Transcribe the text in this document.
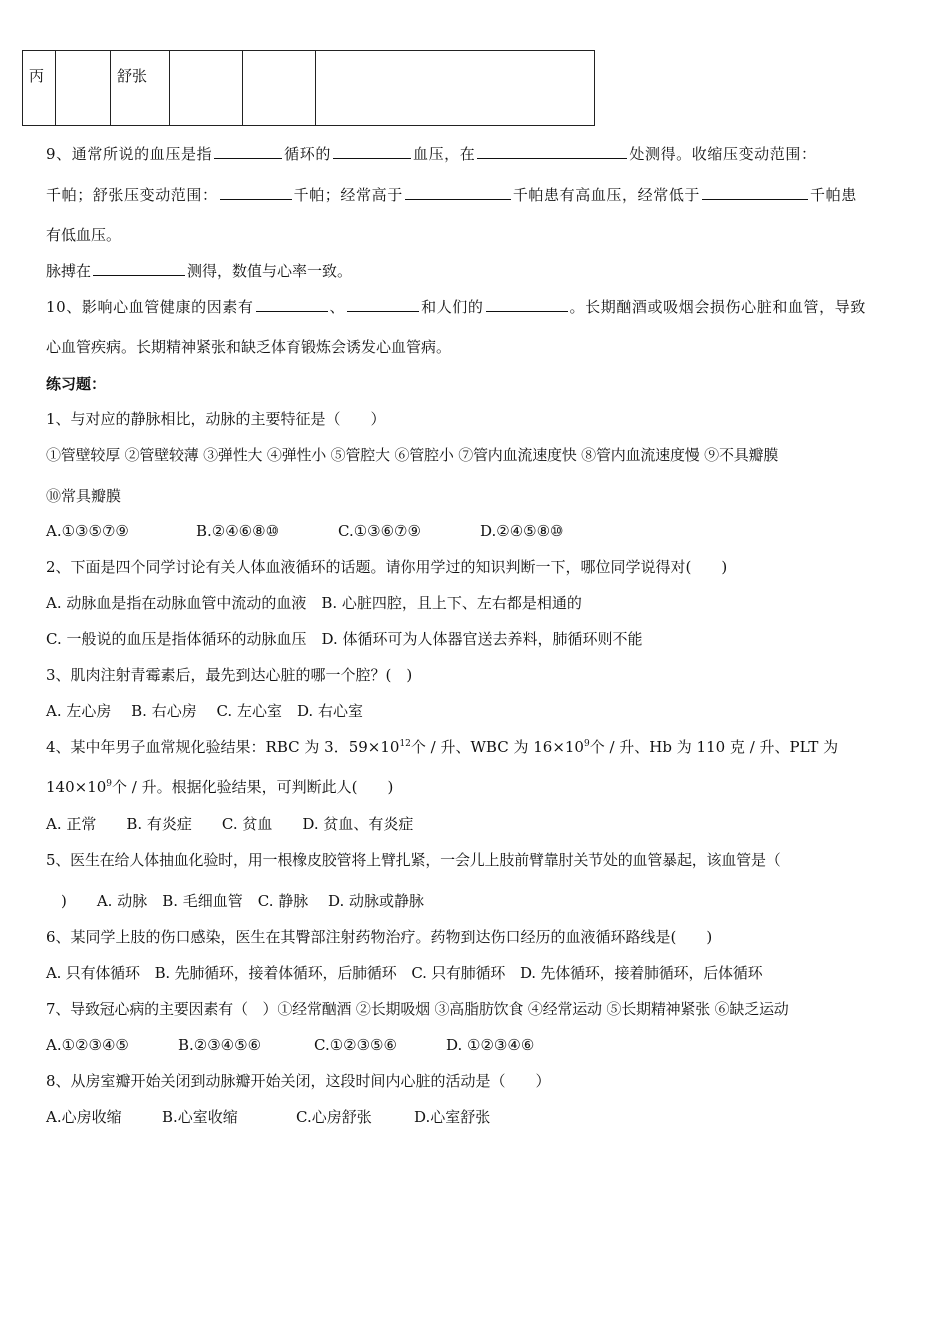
丙		舒张			
9、通常所说的血压是指	循环的	血压，在	处测得。收缩压变动范围：
千帕；舒张压变动范围：	千帕；经常高于	千帕患有高血压，经常低于	千帕患
有低血压。
脉搏在	测得，数值与心率一致。
10、影响心血管健康的因素有	、	和人们的	。长期酗酒或吸烟会损伤心脏和血管，导致
心血管疾病。长期精神紧张和缺乏体育锻炼会诱发心血管病。
练习题：
1、与对应的静脉相比，动脉的主要特征是（　　）
①管壁较厚 ②管壁较薄 ③弹性大 ④弹性小 ⑤管腔大 ⑥管腔小 ⑦管内血流速度快 ⑧管内血流速度慢 ⑨不具瓣膜
⑩常具瓣膜
A.①③⑤⑦⑨	B.②④⑥⑧⑩	C.①③⑥⑦⑨	D.②④⑤⑧⑩
2、下面是四个同学讨论有关人体血液循环的话题。请你用学过的知识判断一下，哪位同学说得对(　　)
A. 动脉血是指在动脉血管中流动的血液　B. 心脏四腔，且上下、左右都是相通的
C. 一般说的血压是指体循环的动脉血压　D. 体循环可为人体器官送去养料，肺循环则不能
3、肌肉注射青霉素后，最先到达心脏的哪一个腔？(　)
A. 左心房　 B. 右心房　 C. 左心室　D. 右心室
4、某中年男子血常规化验结果：RBC 为 3．$59\times 10^{12}$个 / 升、WBC 为 $16\times 10^9$个 / 升、Hb 为 110 克 / 升、PLT 为
$140\times 10^9$个 / 升。根据化验结果，可判断此人(　　)
A. 正常　　B. 有炎症　　C. 贫血　　D. 贫血、有炎症
5、医生在给人体抽血化验时，用一根橡皮胶管将上臂扎紧，一会儿上肢前臂靠肘关节处的血管暴起，该血管是（
　)　　A. 动脉　B. 毛细血管　C. 静脉　 D. 动脉或静脉
6、某同学上肢的伤口感染，医生在其臀部注射药物治疗。药物到达伤口经历的血液循环路线是(　　)
A. 只有体循环　B. 先肺循环，接着体循环，后肺循环　C. 只有肺循环　D. 先体循环，接着肺循环，后体循环
7、导致冠心病的主要因素有（　）①经常酗酒 ②长期吸烟 ③高脂肪饮食 ④经常运动 ⑤长期精神紧张 ⑥缺乏运动
A.①②③④⑤	B.②③④⑤⑥	C.①②③⑤⑥	D. ①②③④⑥
8、从房室瓣开始关闭到动脉瓣开始关闭，这段时间内心脏的活动是（　　）
A.心房收缩	B.心室收缩	C.心房舒张	D.心室舒张
